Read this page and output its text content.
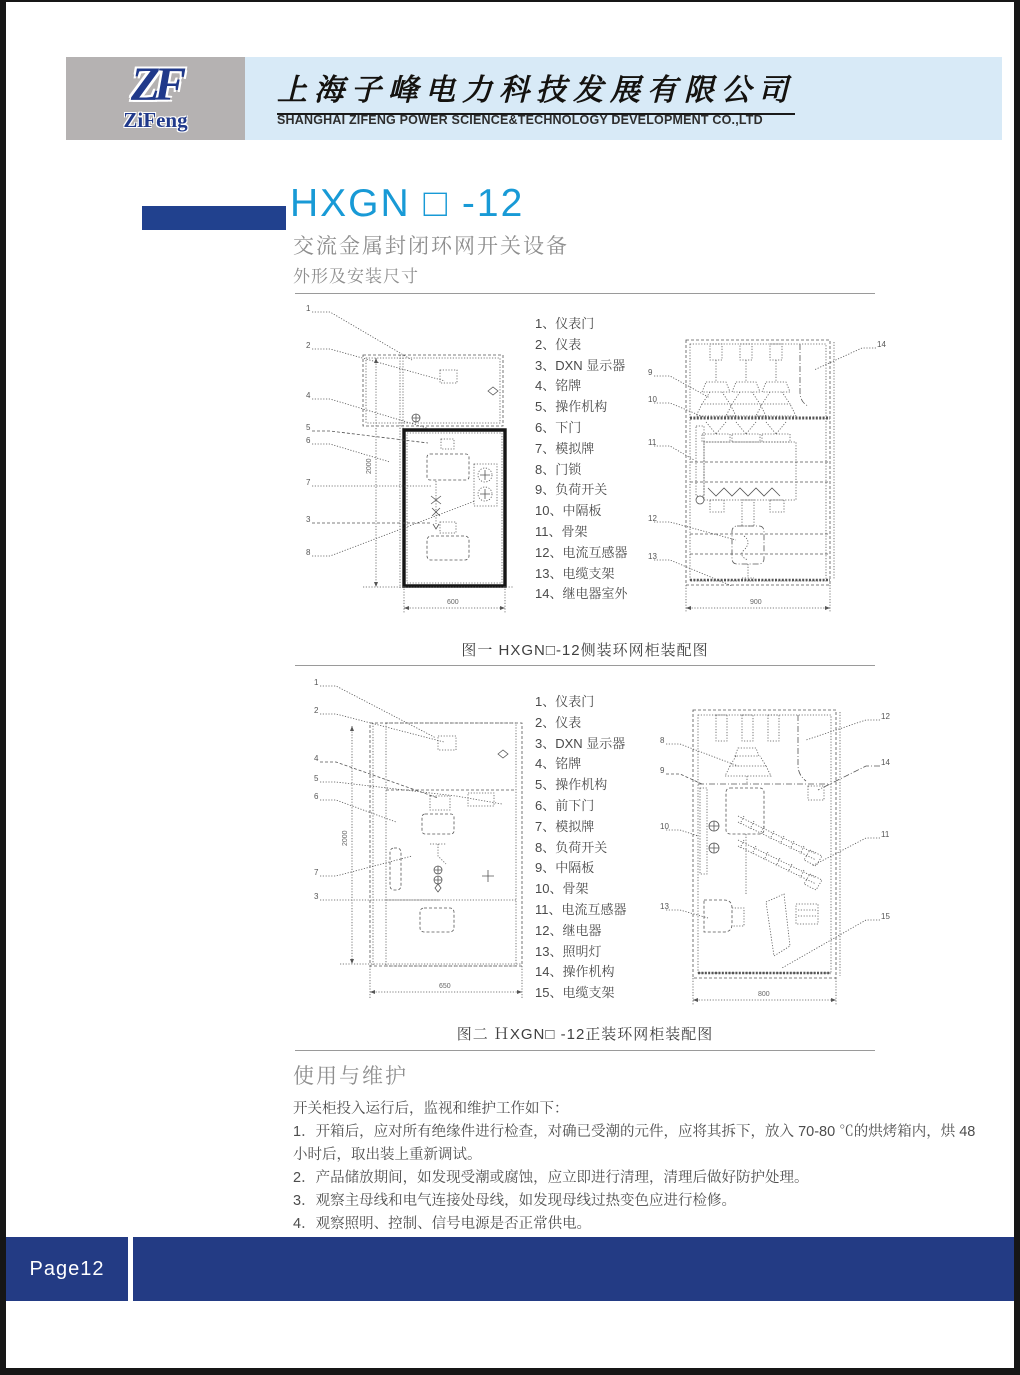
ZF
ZiFeng
上海子峰电力科技发展有限公司
SHANGHAI ZIFENG POWER SCIENCE&TECHNOLOGY DEVELOPMENT CO.,LTD
HXGN □ -12
交流金属封闭环网开关设备
外形及安装尺寸
1
2
4
5
6
7
3
8
2000
600
9
10
11
12
13
14
900
1、仪表门
2、仪表
3、DXN 显示器
4、铭牌
5、操作机构
6、下门
7、模拟牌
8、门锁
9、负荷开关
10、中隔板
11、骨架
12、电流互感器
13、电缆支架
14、继电器室外
图一 HXGN□-12侧装环网柜装配图
1
2
4
5
6
7
3
2000
650
8
9
10
13
12
14
11
15
800
1、仪表门
2、仪表
3、DXN 显示器
4、铭牌
5、操作机构
6、前下门
7、模拟牌
8、负荷开关
9、中隔板
10、骨架
11、电流互感器
12、继电器
13、照明灯
14、操作机构
15、电缆支架
图二 ＨXGN□ -12正装环网柜装配图
使用与维护
开关柜投入运行后，监视和维护工作如下：
1．开箱后，应对所有绝缘件进行检查，对确已受潮的元件，应将其拆下，放入 70-80 ℃的烘烤箱内，烘 48 小时后，取出装上重新调试。
2．产品储放期间，如发现受潮或腐蚀，应立即进行清理，清理后做好防护处理。
3．观察主母线和电气连接处母线，如发现母线过热变色应进行检修。
4．观察照明、控制、信号电源是否正常供电。
Page12
